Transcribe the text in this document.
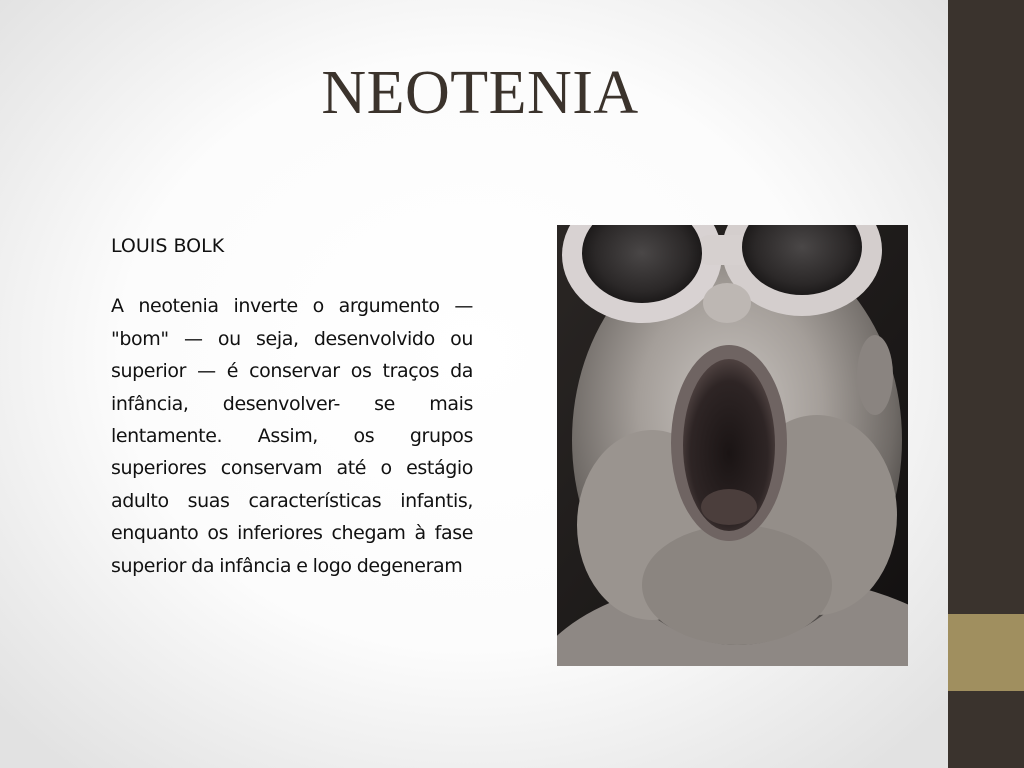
NEOTENIA

LOUIS BOLK

A neotenia inverte o argumento — "bom" — ou seja, desenvolvido ou superior — é conservar os traços da infância, desenvolver- se mais lentamente. Assim, os grupos superiores conservam até o estágio adulto suas características infantis, enquanto os inferiores chegam à fase superior da infância e logo degeneram
